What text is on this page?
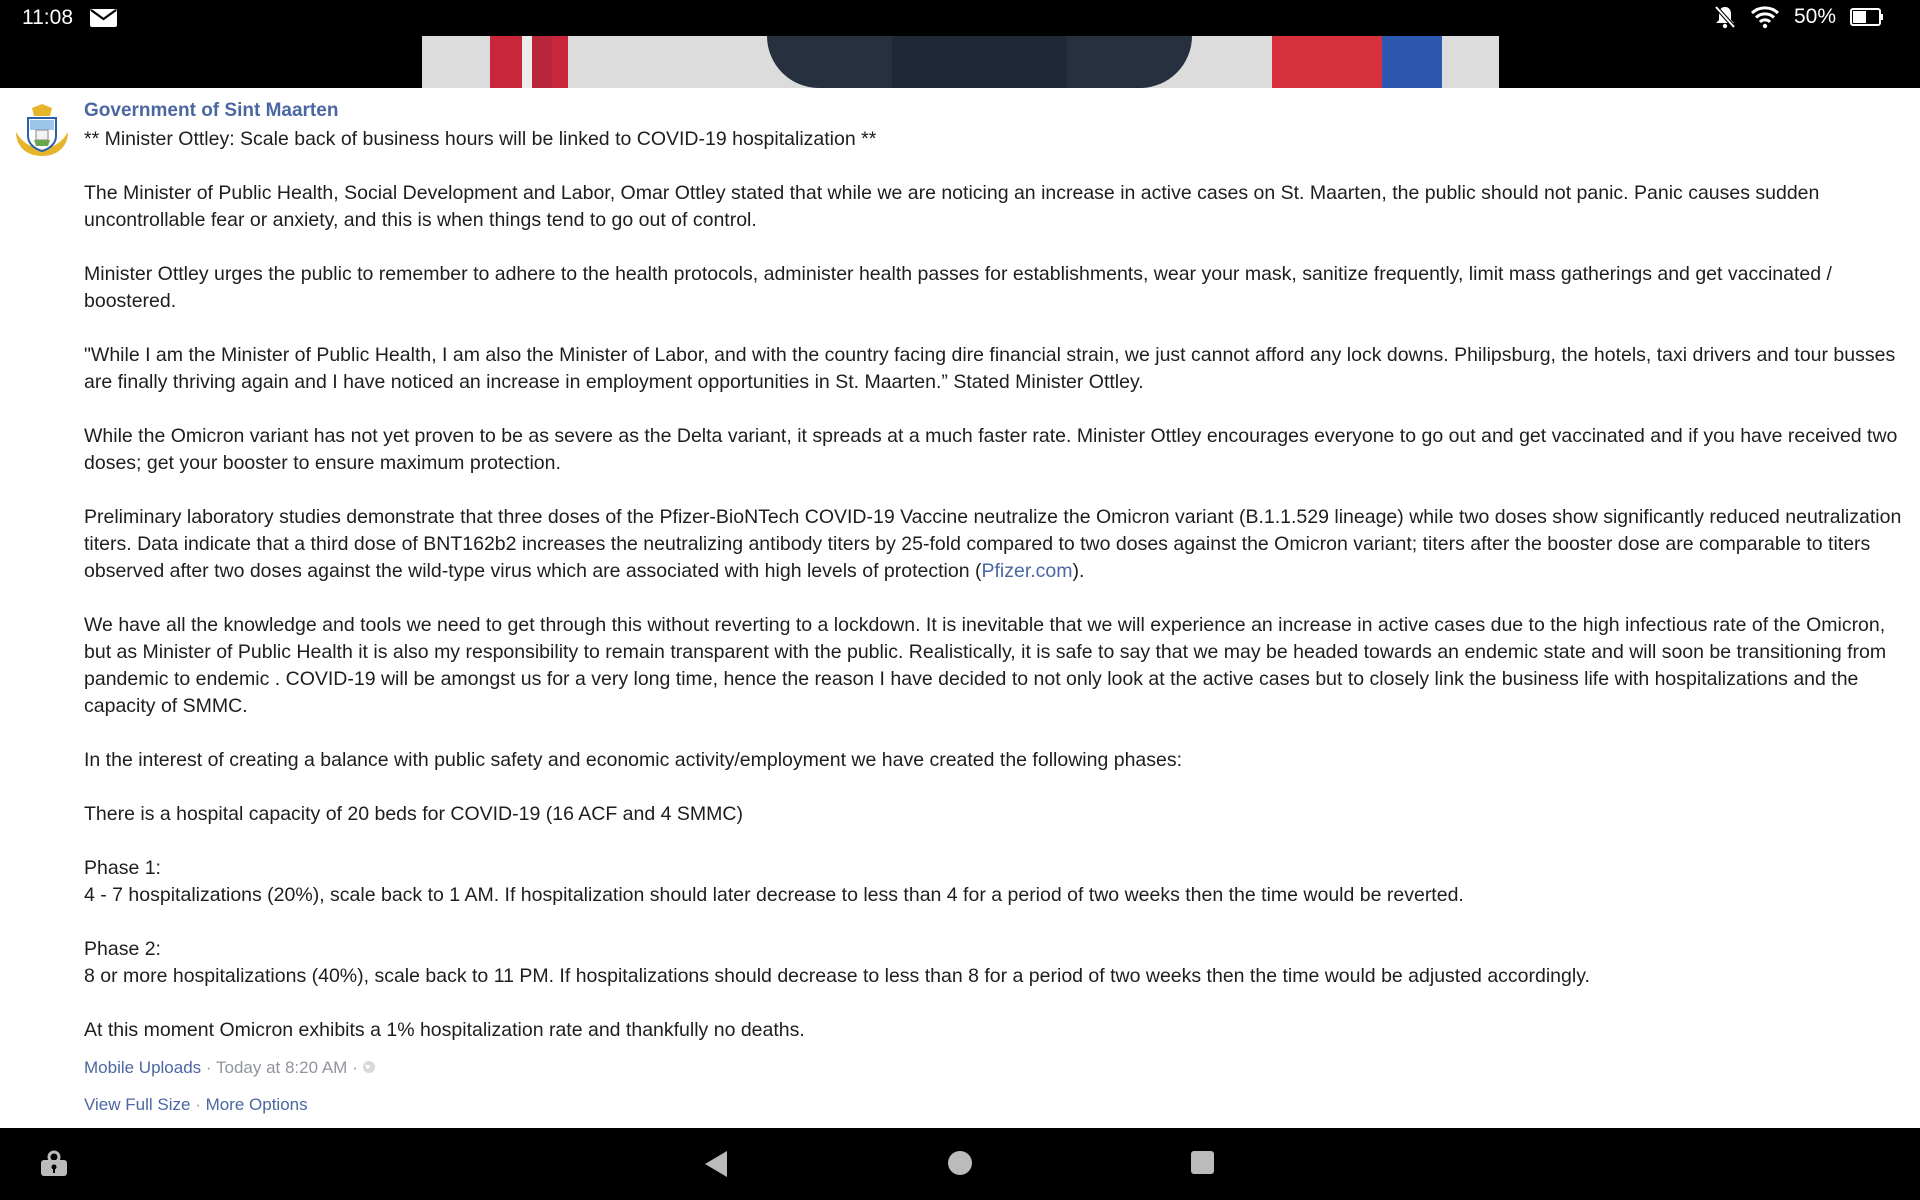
11:08	50%
Government of Sint Maarten

** Minister Ottley: Scale back of business hours will be linked to COVID-19 hospitalization **

The Minister of Public Health, Social Development and Labor, Omar Ottley stated that while we are noticing an increase in active cases on St. Maarten, the public should not panic. Panic causes sudden uncontrollable fear or anxiety, and this is when things tend to go out of control.

Minister Ottley urges the public to remember to adhere to the health protocols, administer health passes for establishments, wear your mask, sanitize frequently, limit mass gatherings and get vaccinated / boostered.

"While I am the Minister of Public Health, I am also the Minister of Labor, and with the country facing dire financial strain, we just cannot afford any lock downs. Philipsburg, the hotels, taxi drivers and tour busses are finally thriving again and I have noticed an increase in employment opportunities in St. Maarten.” Stated Minister Ottley.

While the Omicron variant has not yet proven to be as severe as the Delta variant, it spreads at a much faster rate. Minister Ottley encourages everyone to go out and get vaccinated and if you have received two doses; get your booster to ensure maximum protection.

Preliminary laboratory studies demonstrate that three doses of the Pfizer-BioNTech COVID-19 Vaccine neutralize the Omicron variant (B.1.1.529 lineage) while two doses show significantly reduced neutralization titers. Data indicate that a third dose of BNT162b2 increases the neutralizing antibody titers by 25-fold compared to two doses against the Omicron variant; titers after the booster dose are comparable to titers observed after two doses against the wild-type virus which are associated with high levels of protection (Pfizer.com).

We have all the knowledge and tools we need to get through this without reverting to a lockdown. It is inevitable that we will experience an increase in active cases due to the high infectious rate of the Omicron, but as Minister of Public Health it is also my responsibility to remain transparent with the public. Realistically, it is safe to say that we may be headed towards an endemic state and will soon be transitioning from pandemic to endemic . COVID-19 will be amongst us for a very long time, hence the reason I have decided to not only look at the active cases but to closely link the business life with hospitalizations and the capacity of SMMC.

In the interest of creating a balance with public safety and economic activity/employment we have created the following phases:

There is a hospital capacity of 20 beds for COVID-19 (16 ACF and 4 SMMC)

Phase 1:

4 - 7 hospitalizations (20%), scale back to 1 AM. If hospitalization should later decrease to less than 4 for a period of two weeks then the time would be reverted.

Phase 2:

8 or more hospitalizations (40%), scale back to 11 PM. If hospitalizations should decrease to less than 8 for a period of two weeks then the time would be adjusted accordingly.

At this moment Omicron exhibits a 1% hospitalization rate and thankfully no deaths.

Mobile Uploads · Today at 8:20 AM ·
View Full Size · More Options
